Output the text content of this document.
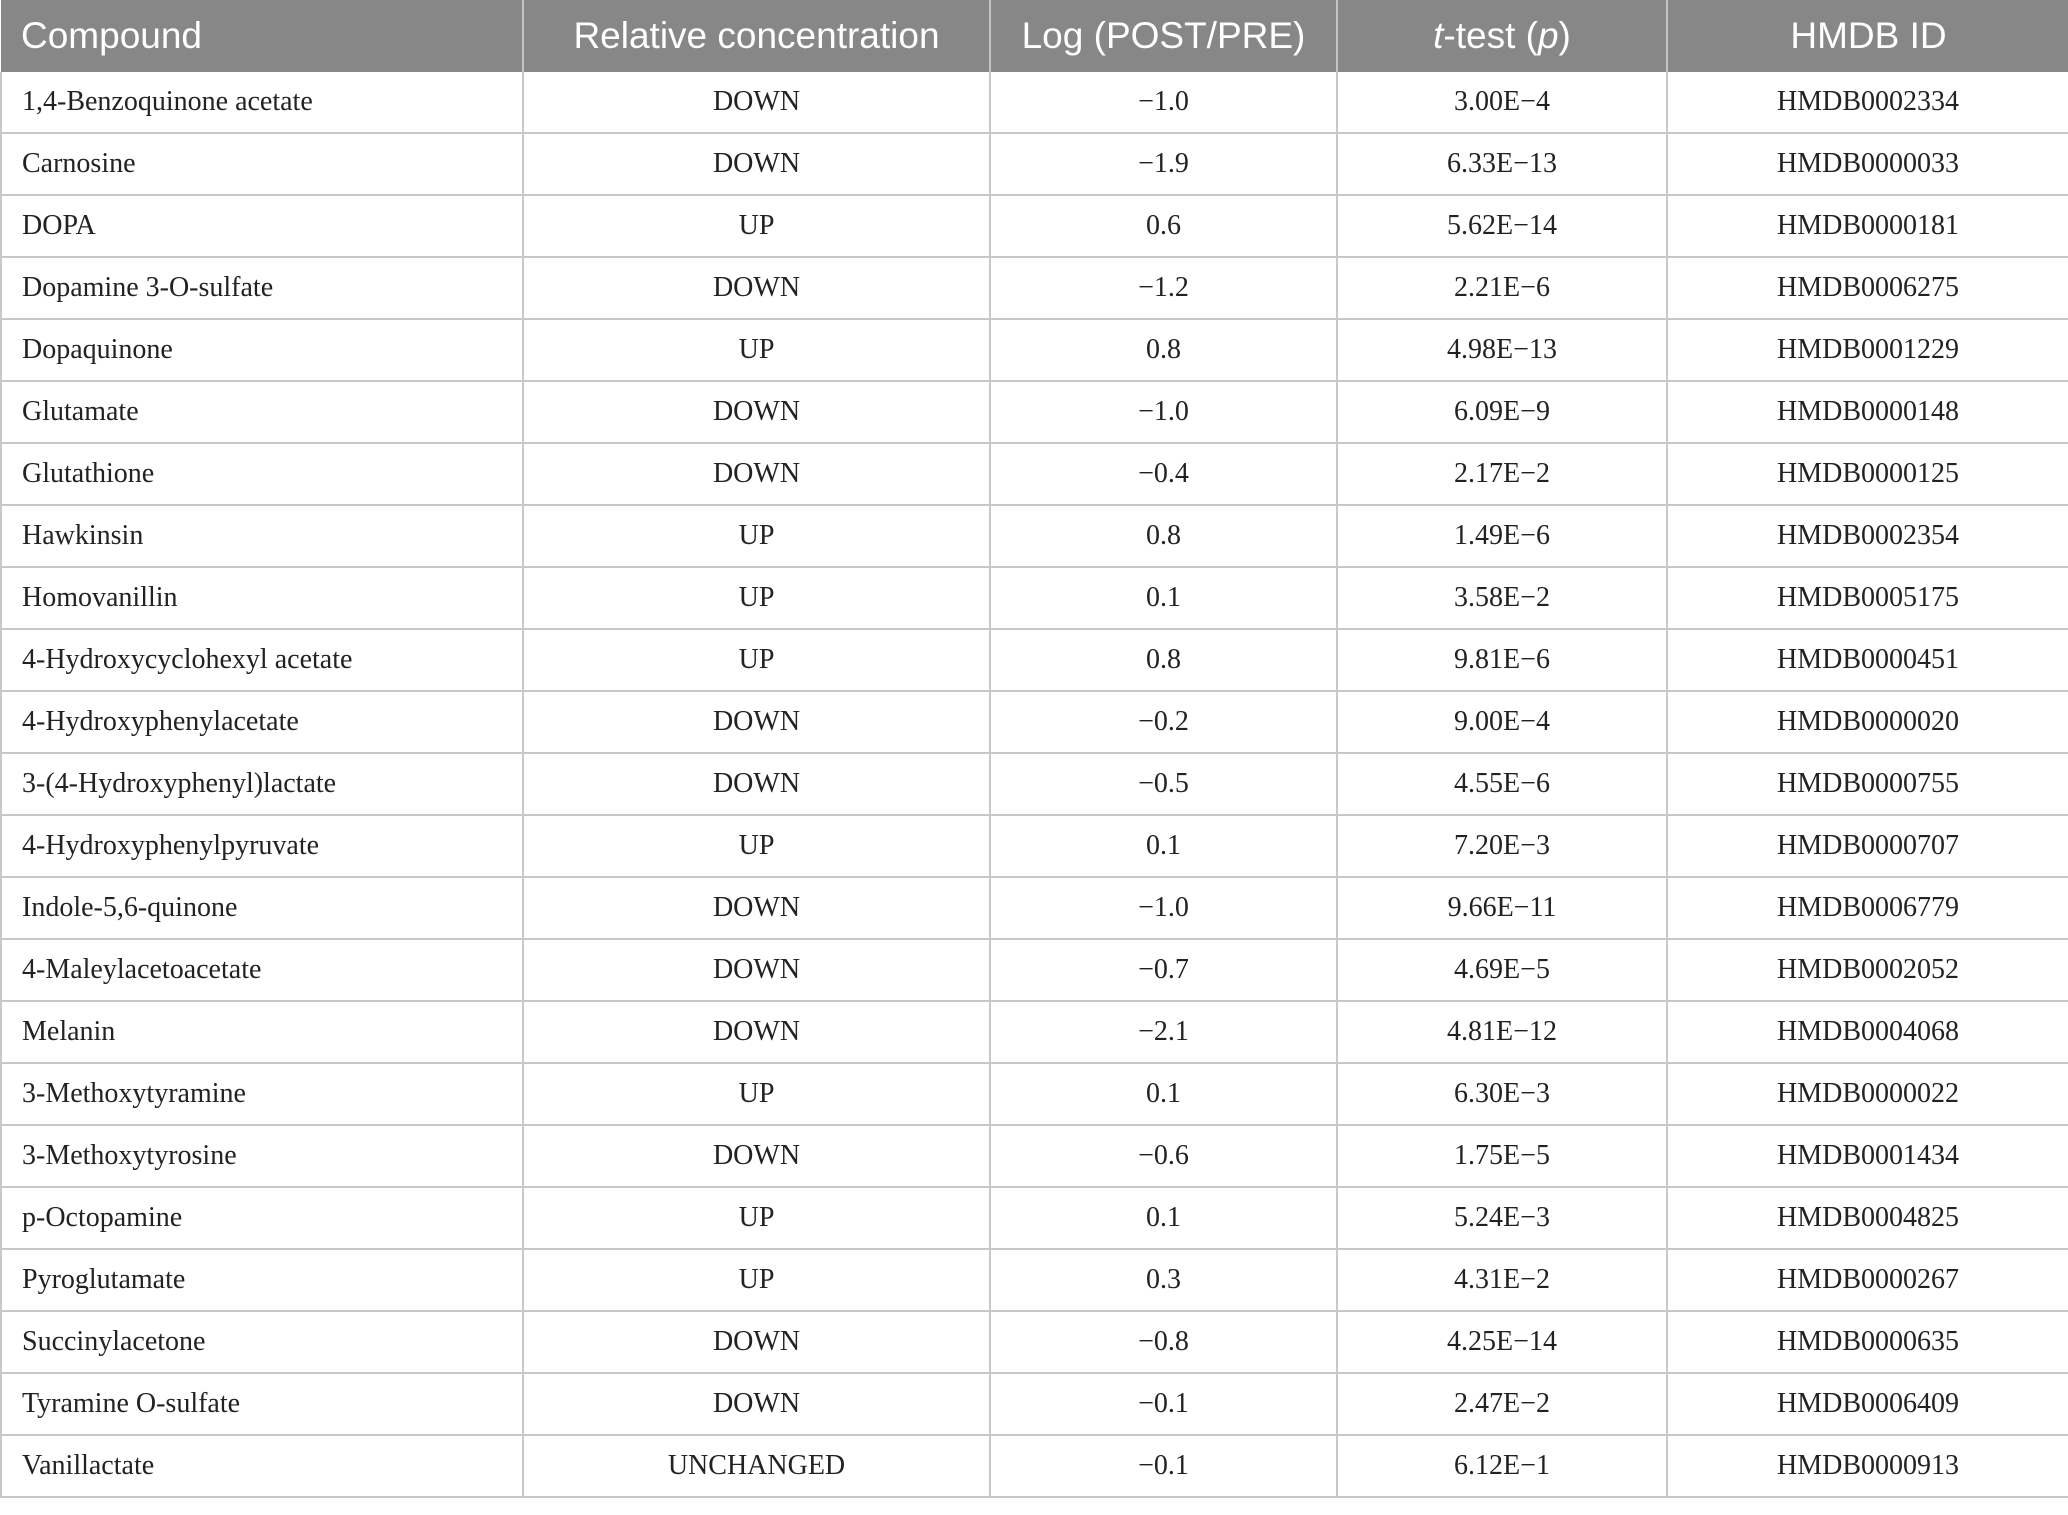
Compound	Relative concentration	Log (POST/PRE)	t-test (p)	HMDB ID
1,4-Benzoquinone acetate	DOWN	−1.0	3.00E−4	HMDB0002334
Carnosine	DOWN	−1.9	6.33E−13	HMDB0000033
DOPA	UP	0.6	5.62E−14	HMDB0000181
Dopamine 3-O-sulfate	DOWN	−1.2	2.21E−6	HMDB0006275
Dopaquinone	UP	0.8	4.98E−13	HMDB0001229
Glutamate	DOWN	−1.0	6.09E−9	HMDB0000148
Glutathione	DOWN	−0.4	2.17E−2	HMDB0000125
Hawkinsin	UP	0.8	1.49E−6	HMDB0002354
Homovanillin	UP	0.1	3.58E−2	HMDB0005175
4-Hydroxycyclohexyl acetate	UP	0.8	9.81E−6	HMDB0000451
4-Hydroxyphenylacetate	DOWN	−0.2	9.00E−4	HMDB0000020
3-(4-Hydroxyphenyl)lactate	DOWN	−0.5	4.55E−6	HMDB0000755
4-Hydroxyphenylpyruvate	UP	0.1	7.20E−3	HMDB0000707
Indole-5,6-quinone	DOWN	−1.0	9.66E−11	HMDB0006779
4-Maleylacetoacetate	DOWN	−0.7	4.69E−5	HMDB0002052
Melanin	DOWN	−2.1	4.81E−12	HMDB0004068
3-Methoxytyramine	UP	0.1	6.30E−3	HMDB0000022
3-Methoxytyrosine	DOWN	−0.6	1.75E−5	HMDB0001434
p-Octopamine	UP	0.1	5.24E−3	HMDB0004825
Pyroglutamate	UP	0.3	4.31E−2	HMDB0000267
Succinylacetone	DOWN	−0.8	4.25E−14	HMDB0000635
Tyramine O-sulfate	DOWN	−0.1	2.47E−2	HMDB0006409
Vanillactate	UNCHANGED	−0.1	6.12E−1	HMDB0000913
